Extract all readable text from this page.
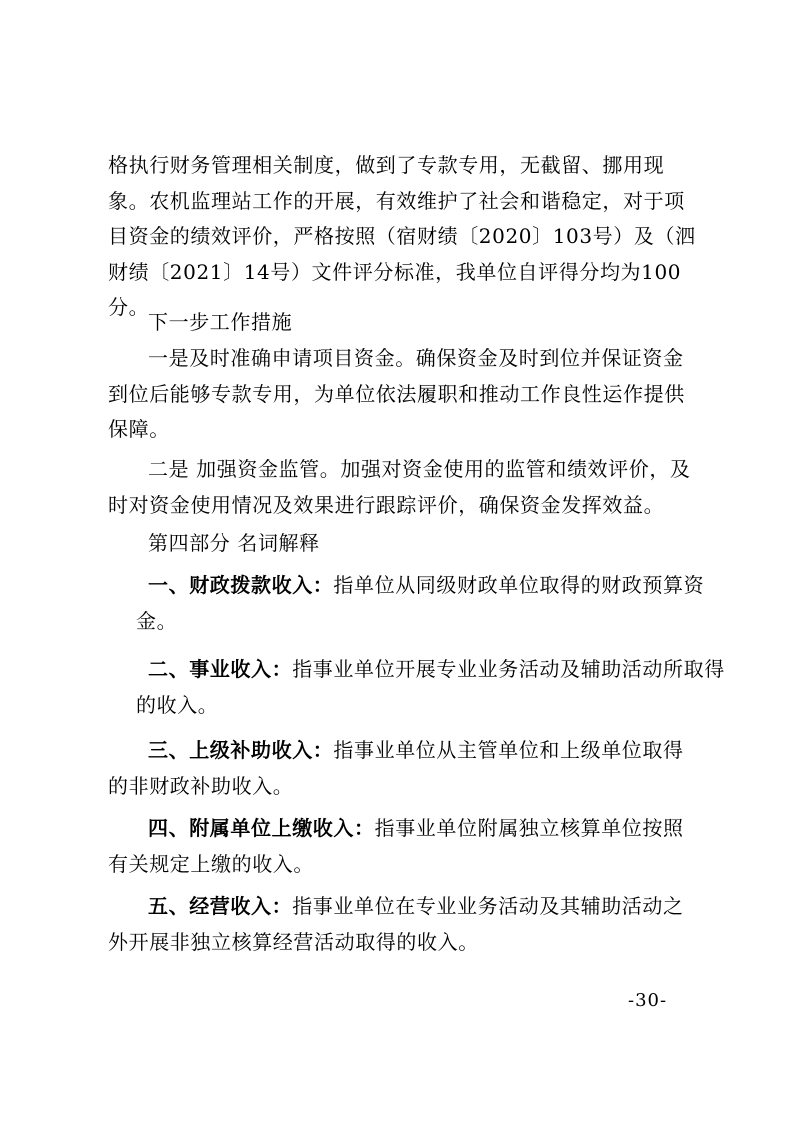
格执行财务管理相关制度，做到了专款专用，无截留、挪用现象。农机监理站工作的开展，有效维护了社会和谐稳定，对于项目资金的绩效评价，严格按照（宿财绩〔2020〕103号）及（泗财绩〔2021〕14号）文件评分标准，我单位自评得分均为100分。

下一步工作措施

一是及时准确申请项目资金。确保资金及时到位并保证资金到位后能够专款专用，为单位依法履职和推动工作良性运作提供保障。

二是 加强资金监管。加强对资金使用的监管和绩效评价，及时对资金使用情况及效果进行跟踪评价，确保资金发挥效益。

第四部分 名词解释

一、财政拨款收入：指单位从同级财政单位取得的财政预算资金。

二、事业收入：指事业单位开展专业业务活动及辅助活动所取得的收入。

三、上级补助收入：指事业单位从主管单位和上级单位取得的非财政补助收入。

四、附属单位上缴收入：指事业单位附属独立核算单位按照有关规定上缴的收入。

五、经营收入：指事业单位在专业业务活动及其辅助活动之外开展非独立核算经营活动取得的收入。

-30-
